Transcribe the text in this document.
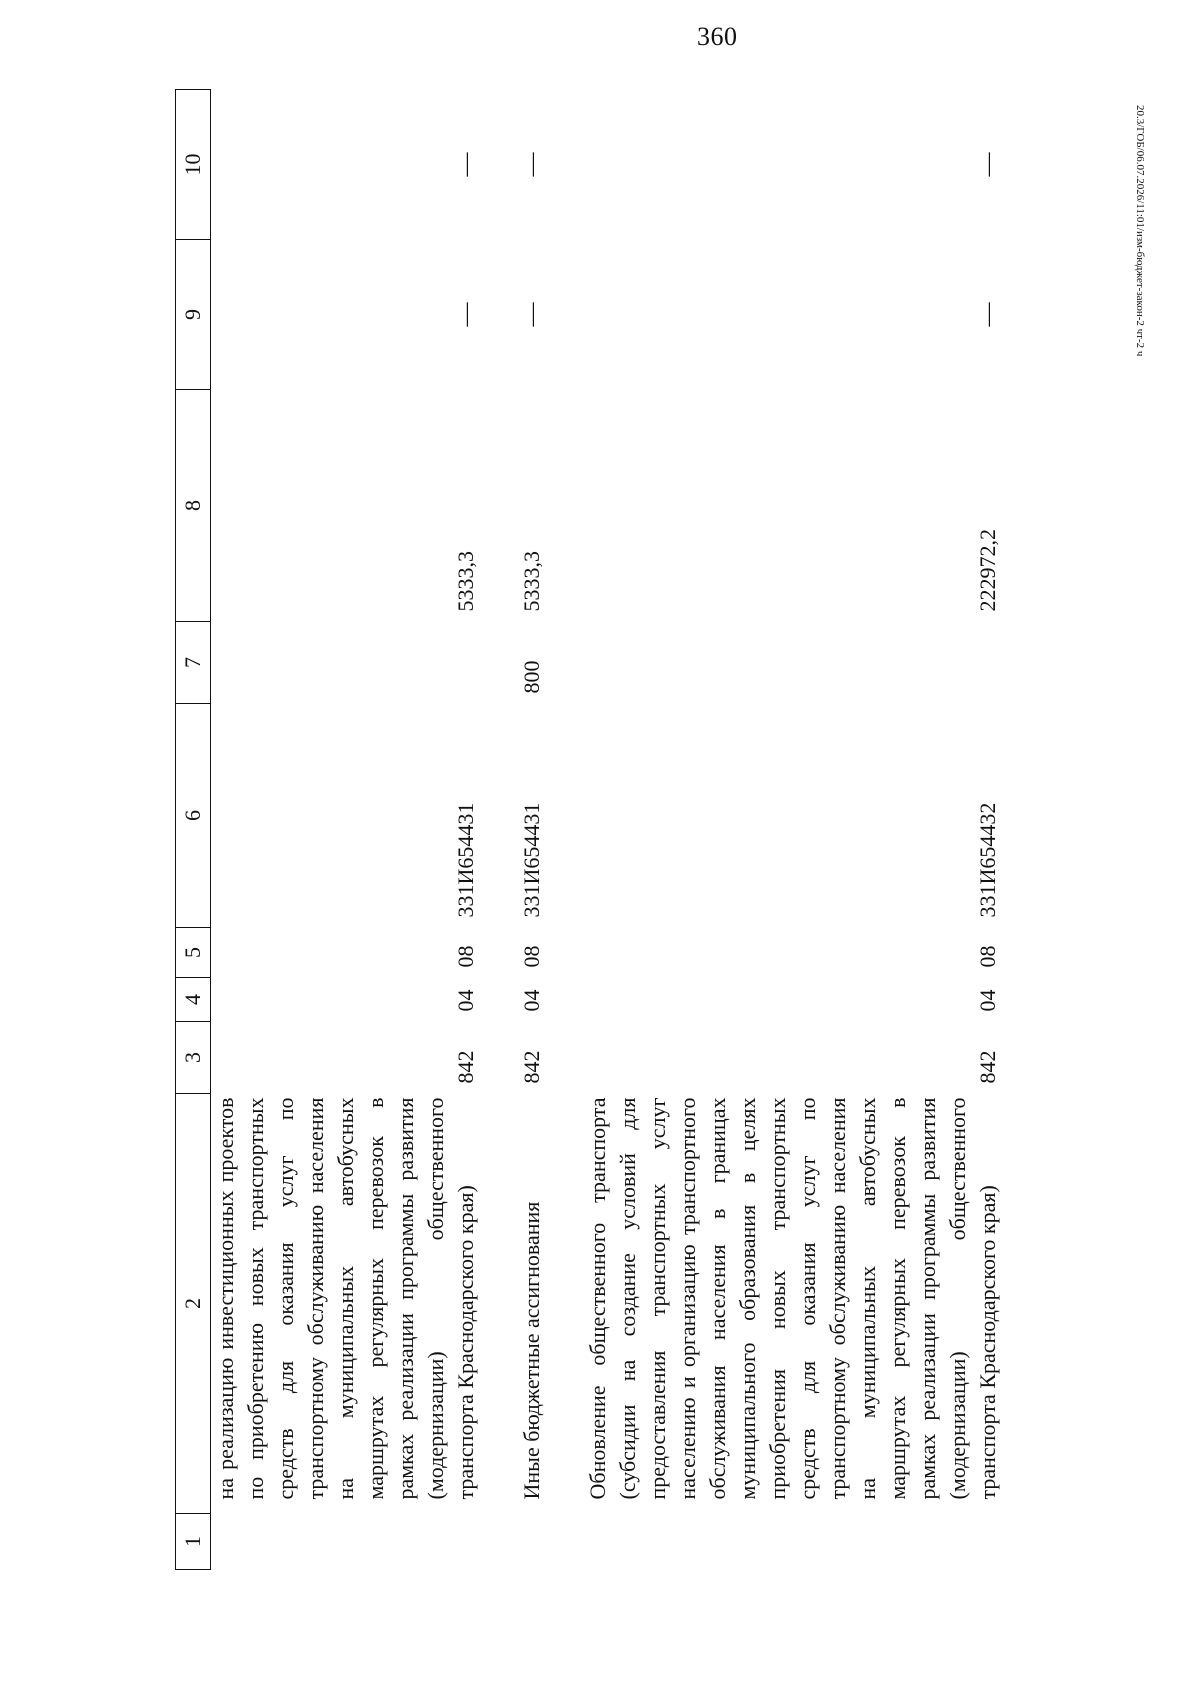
360
20.3/ГОБ/06.07.2026/11:01/изм-бюджет-закон-2 чт-2 ч
1	2	3	4	5	6	7	8	9	10
	на реализацию инвестиционных проектов по приобретению новых транспортных средств для оказания услуг по транспортному обслуживанию населения на муниципальных автобусных маршрутах регулярных перевозок в рамках реализации программы развития (модернизации) общественного транспорта Краснодарского края)	842	04	08	331И654431		5333,3	—	—

	Иные бюджетные ассигнования	842	04	08	331И654431	800	5333,3	—	—

	Обновление общественного транспорта (субсидии на создание условий для предоставления транспортных услуг населению и организацию транспортного обслуживания населения в границах муниципального образования в целях приобретения новых транспортных средств для оказания услуг по транспортному обслуживанию населения на муниципальных автобусных маршрутах регулярных перевозок в рамках реализации программы развития (модернизации) общественного транспорта Краснодарского края)	842	04	08	331И654432		222972,2	—	—
